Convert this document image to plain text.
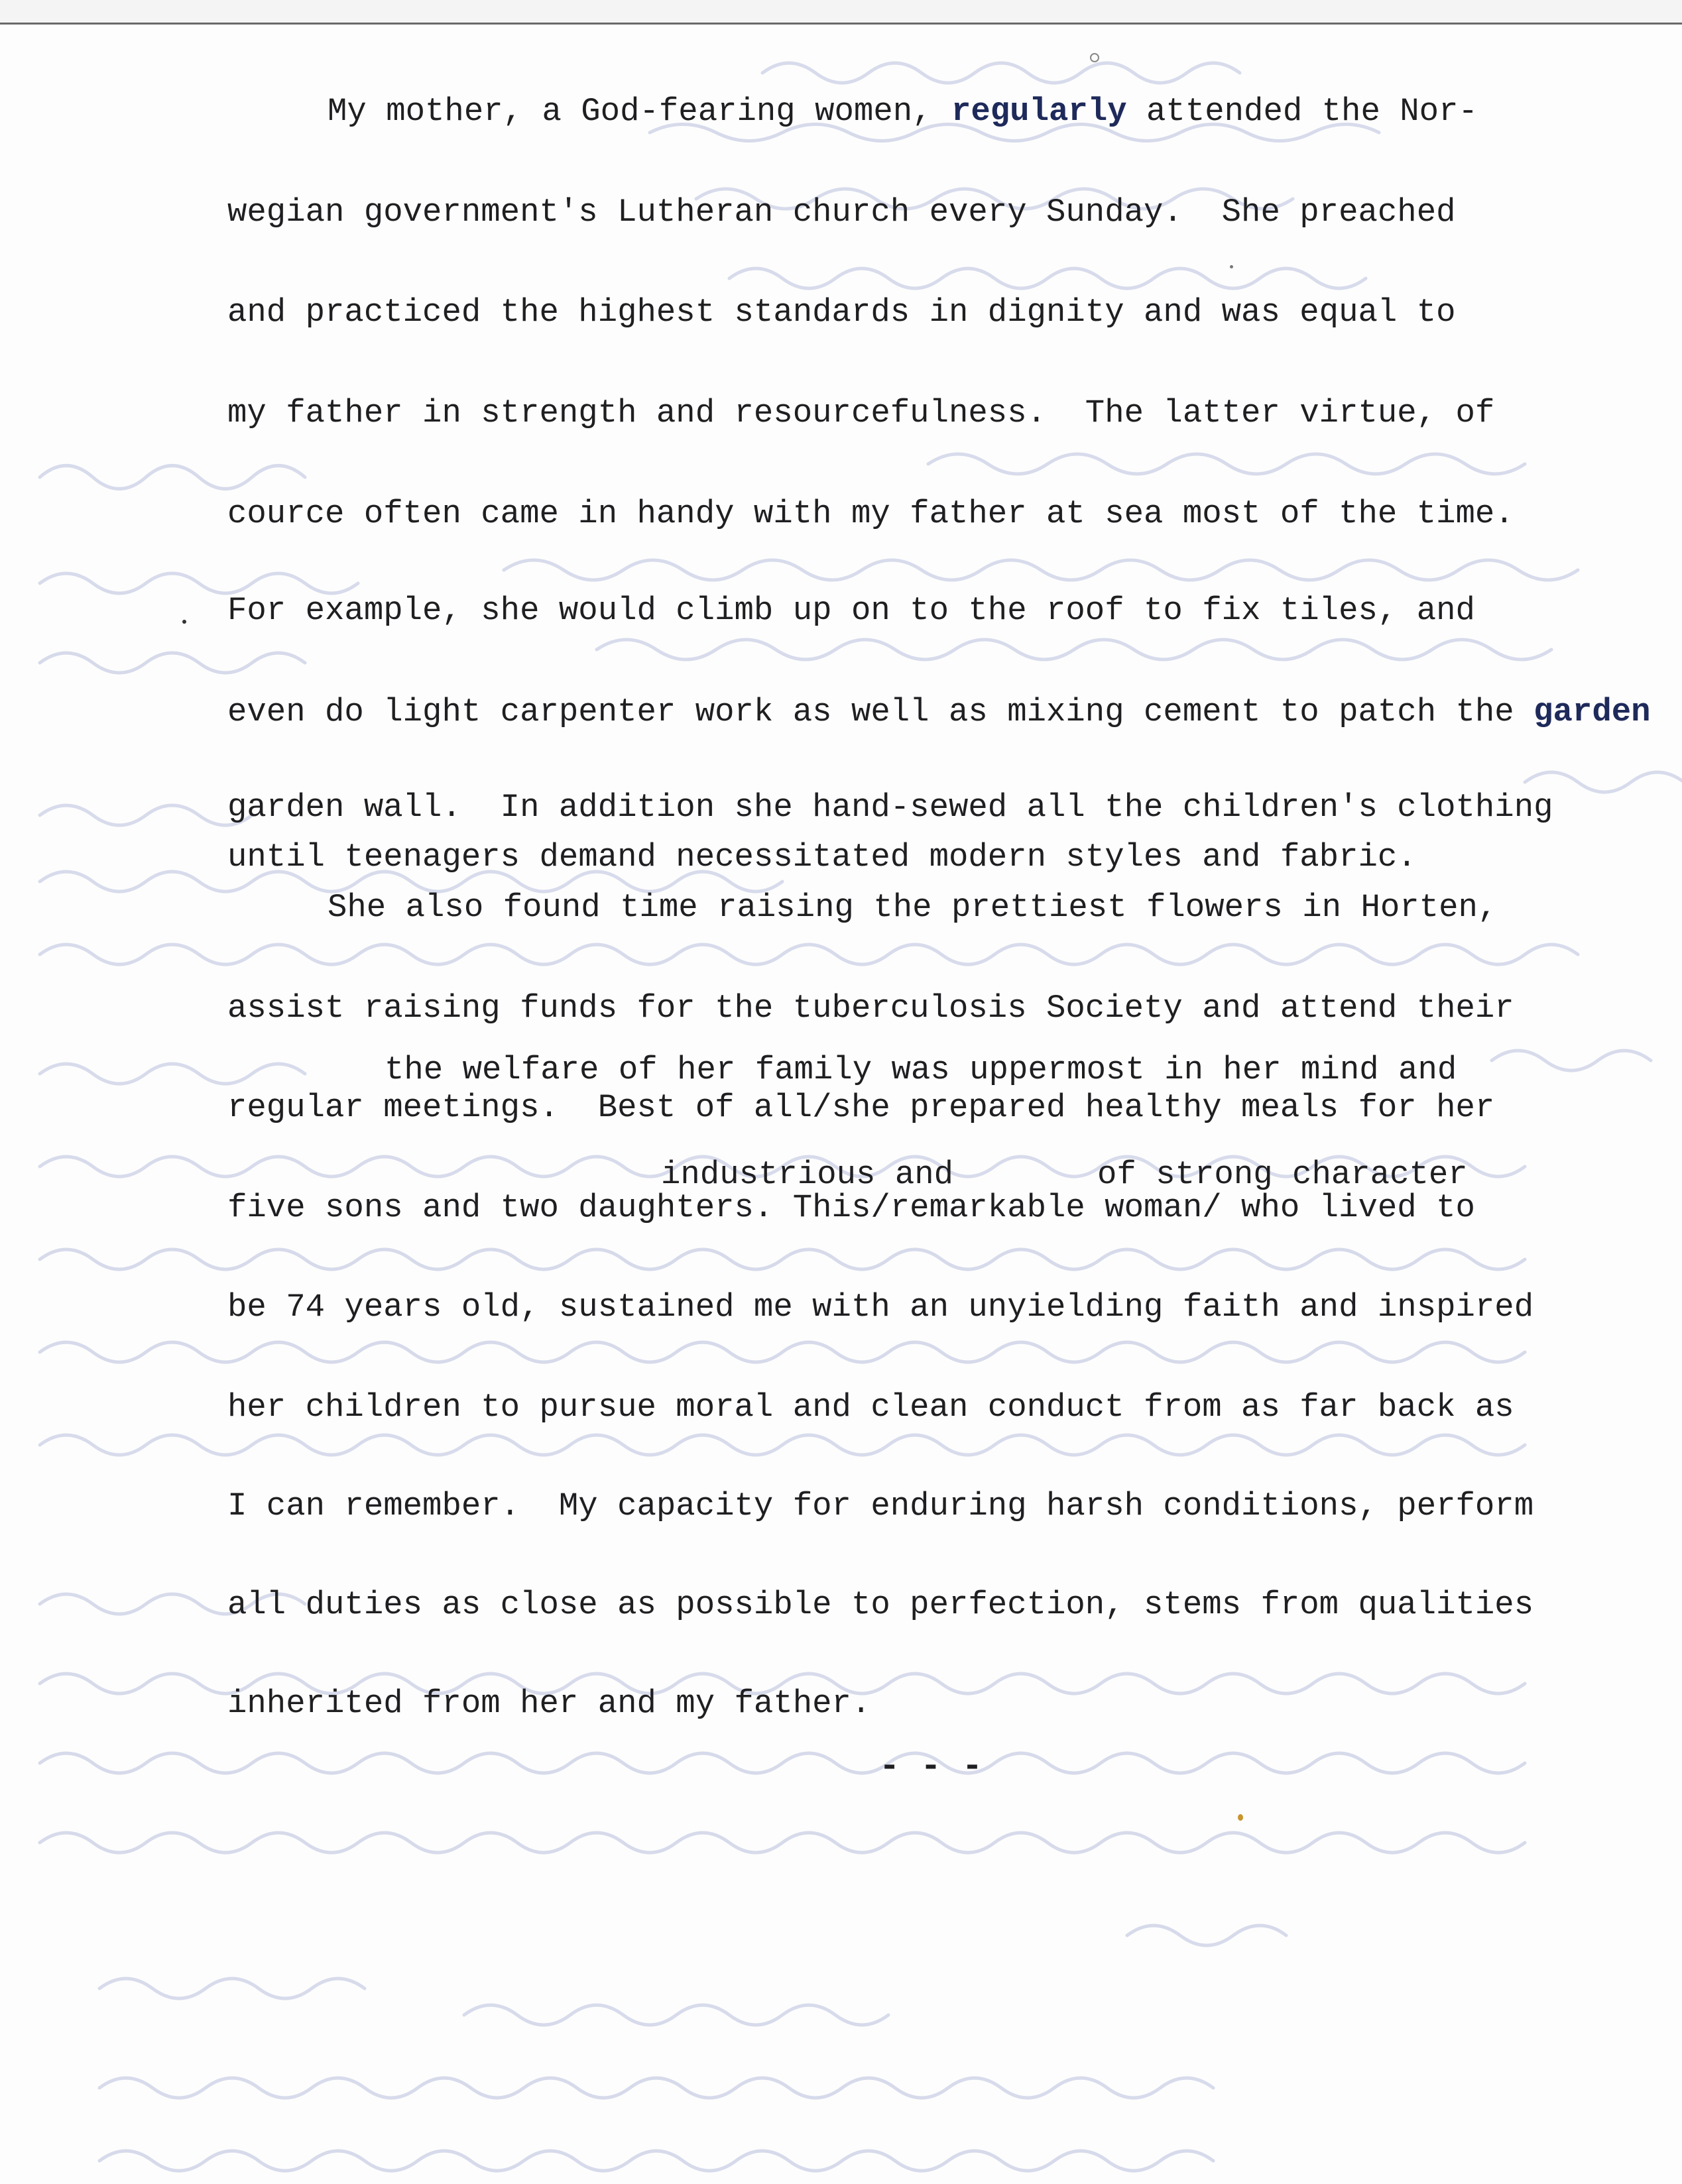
My mother, a God-fearing women, regularly attended the Nor-
wegian government's Lutheran church every Sunday.  She preached
and practiced the highest standards in dignity and was equal to
my father in strength and resourcefulness.  The latter virtue, of
cource often came in handy with my father at sea most of the time.
For example, she would climb up on to the roof to fix tiles, and
even do light carpenter work as well as mixing cement to patch the garden
garden wall.  In addition she hand-sewed all the children's clothing
until teenagers demand necessitated modern styles and fabric.
She also found time raising the prettiest flowers in Horten,
assist raising funds for the tuberculosis Society and attend their
the welfare of her family was uppermost in her mind and
regular meetings.  Best of all/she prepared healthy meals for her
industrious and	of strong character
five sons and two daughters. This/remarkable woman/ who lived to
be 74 years old, sustained me with an unyielding faith and inspired
her children to pursue moral and clean conduct from as far back as
I can remember.  My capacity for enduring harsh conditions, perform
all duties as close as possible to perfection, stems from qualities
inherited from her and my father.
- - -
